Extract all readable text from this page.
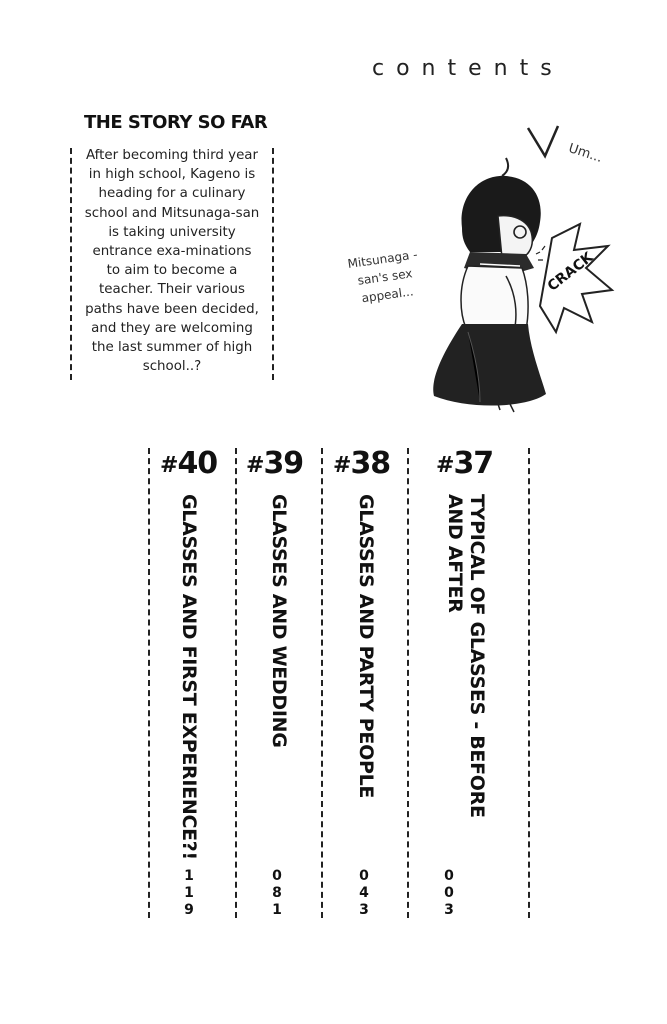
contents
THE STORY SO FAR

After becoming third year in high school, Kageno is heading for a culinary school and Mitsunaga-san is taking university entrance exa-minations to aim to become a teacher. Their various paths have been decided, and they are welcoming the last summer of high school..?

Um...
Mitsunaga -san's sex appeal...
CRACK
#40
GLASSES AND FIRST EXPERIENCE?!
119
#39
GLASSES AND WEDDING
081
#38
GLASSES AND PARTY PEOPLE
043
#37
TYPICAL OF GLASSES - BEFORE AND AFTER
003
